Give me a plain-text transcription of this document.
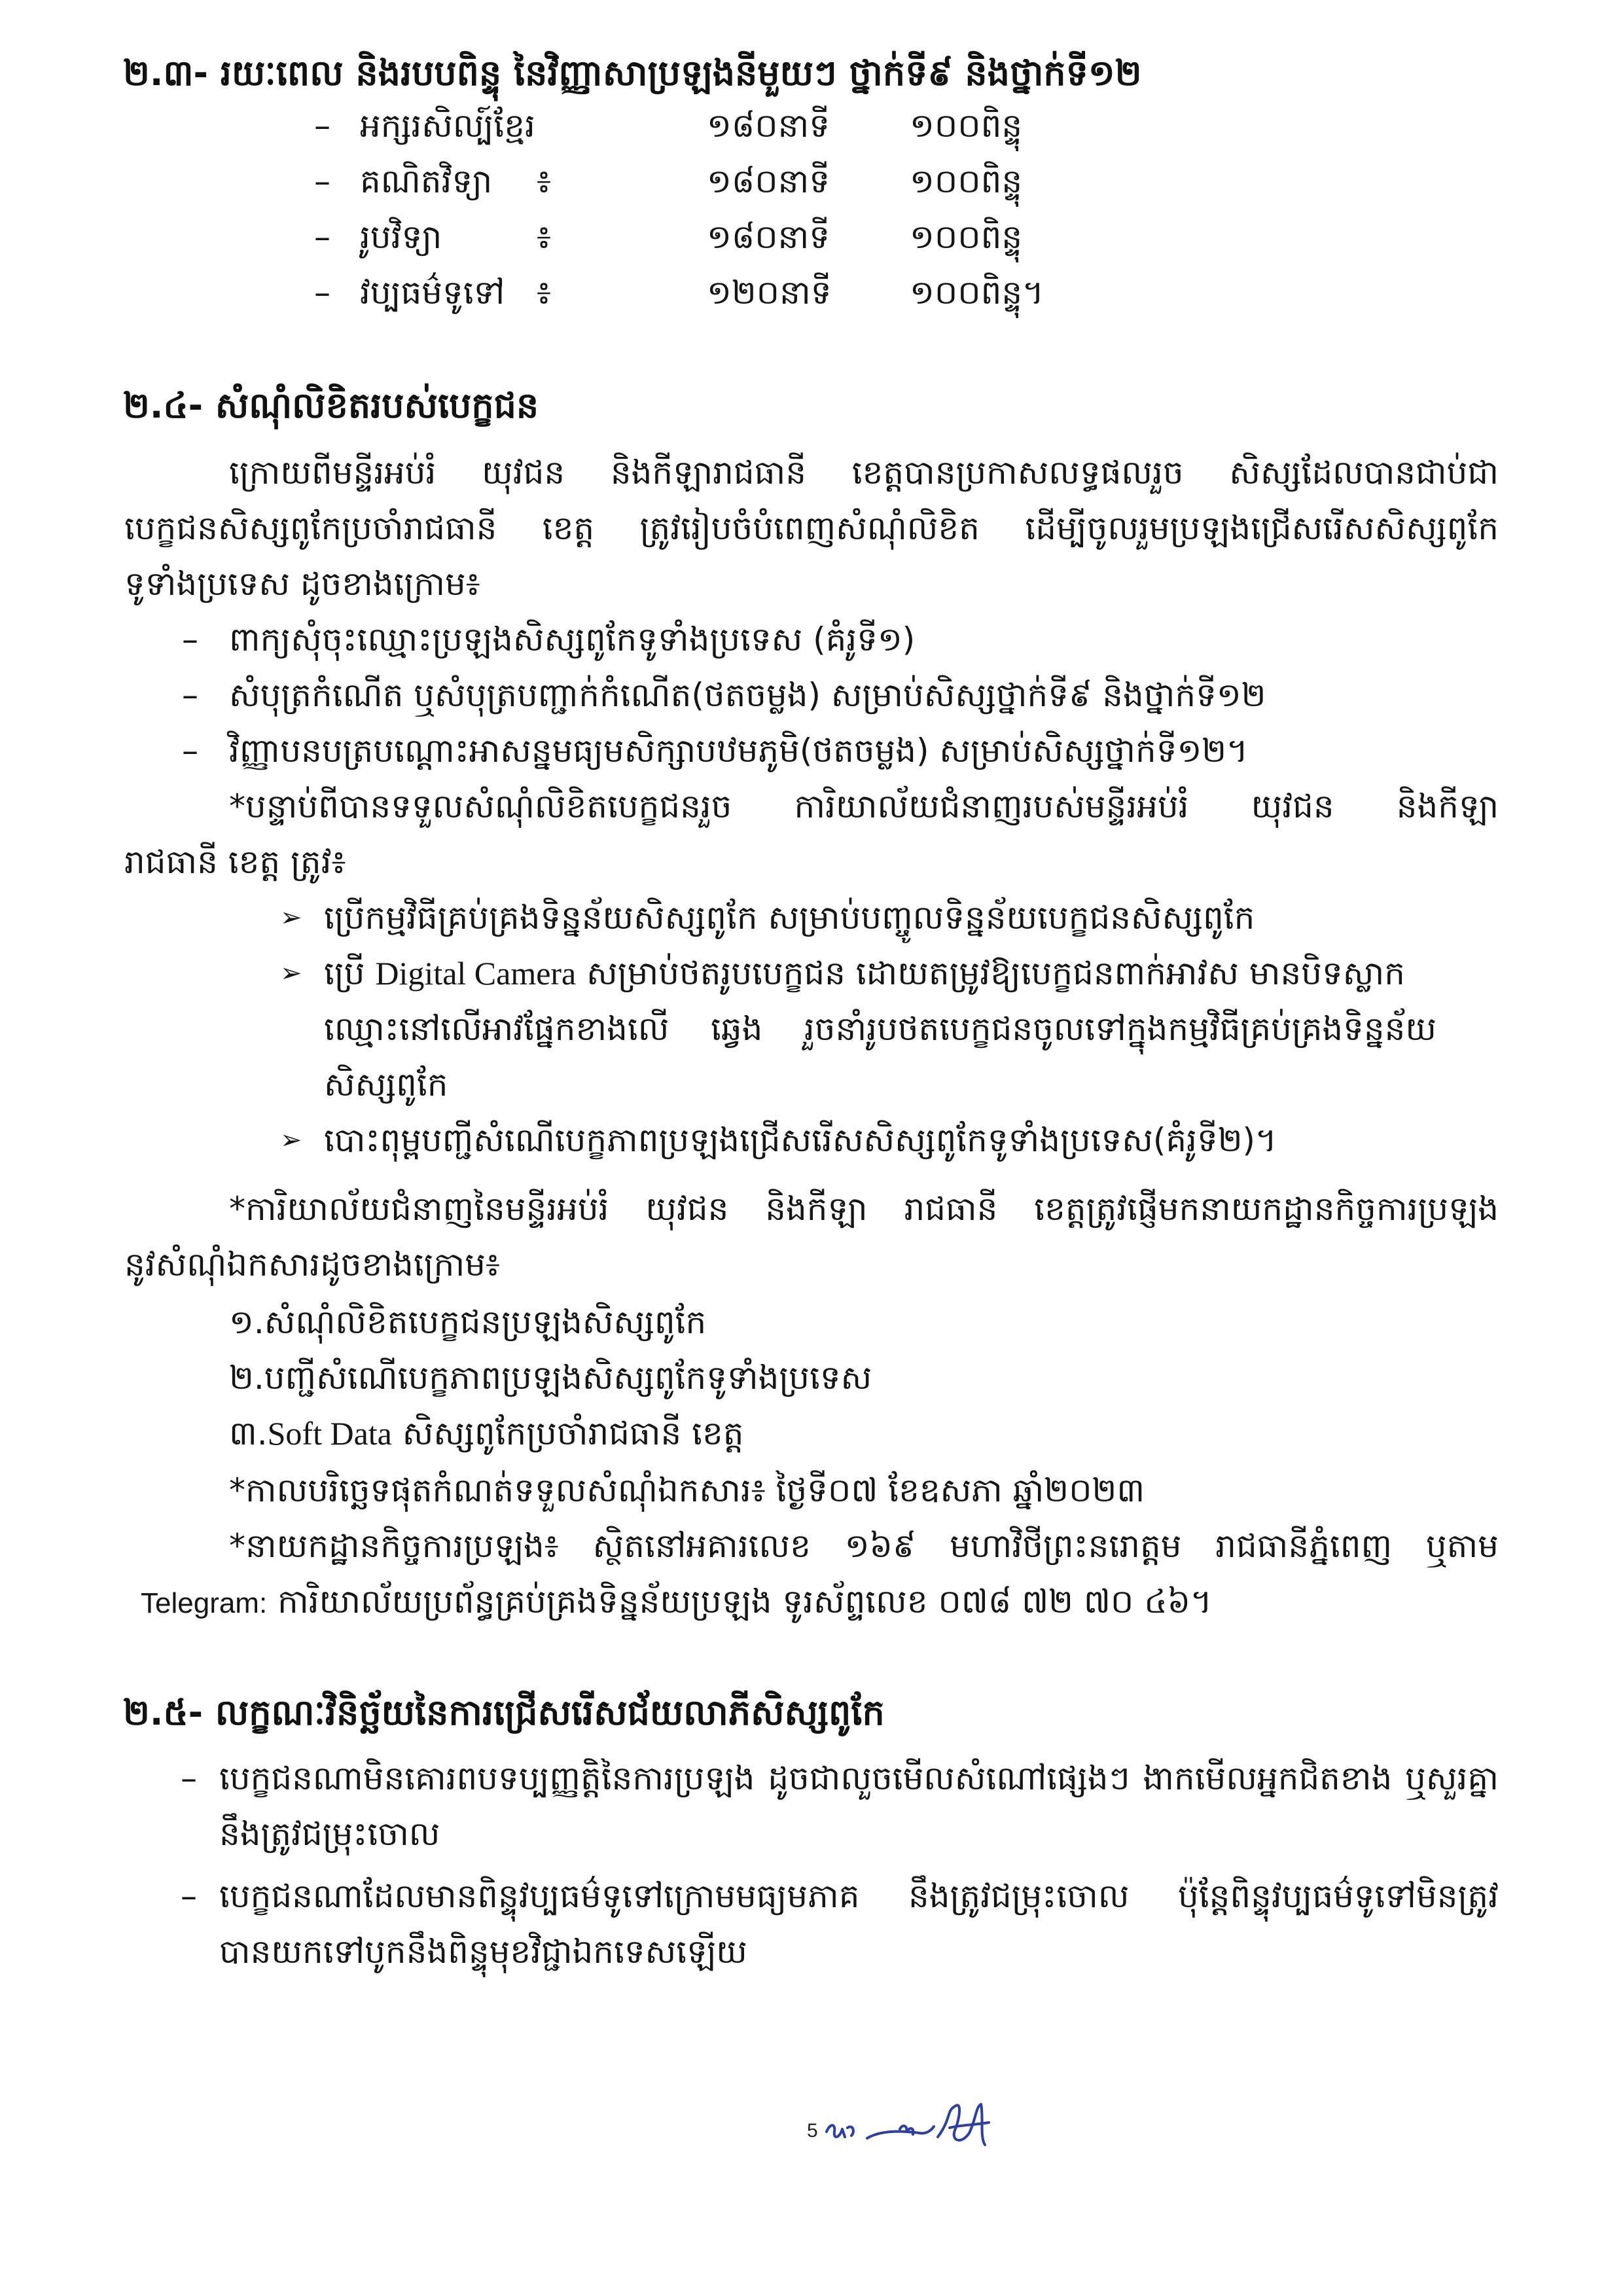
២.៣- រយៈពេល និងរបបពិន្ទុ នៃវិញ្ញាសាប្រឡងនីមួយៗ ថ្នាក់ទី៩ និងថ្នាក់ទី១២
– អក្សរសិល្ប៍ខ្មែរ	១៨០នាទី ១០០ពិន្ទុ
– គណិតវិទ្យា ៖	១៨០នាទី ១០០ពិន្ទុ
– រូបវិទ្យា	៖	១៨០នាទី ១០០ពិន្ទុ
– វប្បធម៌ទូទៅ ៖	១២០នាទី ១០០ពិន្ទុ។
២.៤- សំណុំលិខិតរបស់បេក្ខជន
ក្រោយពីមន្ទីរអប់រំ យុវជន និងកីឡារាជធានី ខេត្តបានប្រកាសលទ្ធផលរួច សិស្សដែលបានជាប់ជា
បេក្ខជនសិស្សពូកែប្រចាំរាជធានី ខេត្ត ត្រូវរៀបចំបំពេញសំណុំលិខិត ដើម្បីចូលរួមប្រឡងជ្រើសរើសសិស្សពូកែ
ទូទាំងប្រទេស ដូចខាងក្រោម៖
– ពាក្យសុំចុះឈ្មោះប្រឡងសិស្សពូកែទូទាំងប្រទេស (គំរូទី១)
– សំបុត្រកំណើត ឬសំបុត្របញ្ជាក់កំណើត(ថតចម្លង) សម្រាប់សិស្សថ្នាក់ទី៩ និងថ្នាក់ទី១២
– វិញ្ញាបនបត្របណ្ដោះអាសន្នមធ្យមសិក្សាបឋមភូមិ(ថតចម្លង) សម្រាប់សិស្សថ្នាក់ទី១២។
*បន្ទាប់ពីបានទទួលសំណុំលិខិតបេក្ខជនរួច ការិយាល័យជំនាញរបស់មន្ទីរអប់រំ យុវជន និងកីឡា
រាជធានី ខេត្ត ត្រូវ៖
➢ ប្រើកម្មវិធីគ្រប់គ្រងទិន្នន័យសិស្សពូកែ សម្រាប់បញ្ចូលទិន្នន័យបេក្ខជនសិស្សពូកែ
➢ ប្រើ Digital Camera សម្រាប់ថតរូបបេក្ខជន ដោយតម្រូវឱ្យបេក្ខជនពាក់អាវស មានបិទស្លាក
ឈ្មោះនៅលើអាវផ្នែកខាងលើ ឆ្វេង រួចនាំរូបថតបេក្ខជនចូលទៅក្នុងកម្មវិធីគ្រប់គ្រងទិន្នន័យ
សិស្សពូកែ
➢ បោះពុម្ពបញ្ជីសំណើបេក្ខភាពប្រឡងជ្រើសរើសសិស្សពូកែទូទាំងប្រទេស(គំរូទី២)។
*ការិយាល័យជំនាញនៃមន្ទីរអប់រំ យុវជន និងកីឡា រាជធានី ខេត្តត្រូវផ្ញើមកនាយកដ្ឋានកិច្ចការប្រឡង
នូវសំណុំឯកសារដូចខាងក្រោម៖
១.សំណុំលិខិតបេក្ខជនប្រឡងសិស្សពូកែ
២.បញ្ជីសំណើបេក្ខភាពប្រឡងសិស្សពូកែទូទាំងប្រទេស
៣.Soft Data សិស្សពូកែប្រចាំរាជធានី ខេត្ត
*កាលបរិច្ឆេទផុតកំណត់ទទួលសំណុំឯកសារ៖ ថ្ងៃទី០៧ ខែឧសភា ឆ្នាំ២០២៣
*នាយកដ្ឋានកិច្ចការប្រឡង៖ ស្ថិតនៅអគារលេខ ១៦៩ មហាវិថីព្រះនរោត្តម រាជធានីភ្នំពេញ ឬតាម
Telegram: ការិយាល័យប្រព័ន្ធគ្រប់គ្រងទិន្នន័យប្រឡង ទូរស័ព្ទលេខ ០៧៨ ៧២ ៧០ ៤៦។
២.៥- លក្ខណៈវិនិច្ឆ័យនៃការជ្រើសរើសជ័យលាភីសិស្សពូកែ
– បេក្ខជនណាមិនគោរពបទប្បញ្ញត្តិនៃការប្រឡង ដូចជាលួចមើលសំណៅផ្សេងៗ ងាកមើលអ្នកជិតខាង ឬសួរគ្នា
នឹងត្រូវជម្រុះចោល
– បេក្ខជនណាដែលមានពិន្ទុវប្បធម៌ទូទៅក្រោមមធ្យមភាគ នឹងត្រូវជម្រុះចោល ប៉ុន្តែពិន្ទុវប្បធម៌ទូទៅមិនត្រូវ
បានយកទៅបូកនឹងពិន្ទុមុខវិជ្ជាឯកទេសឡើយ
5
